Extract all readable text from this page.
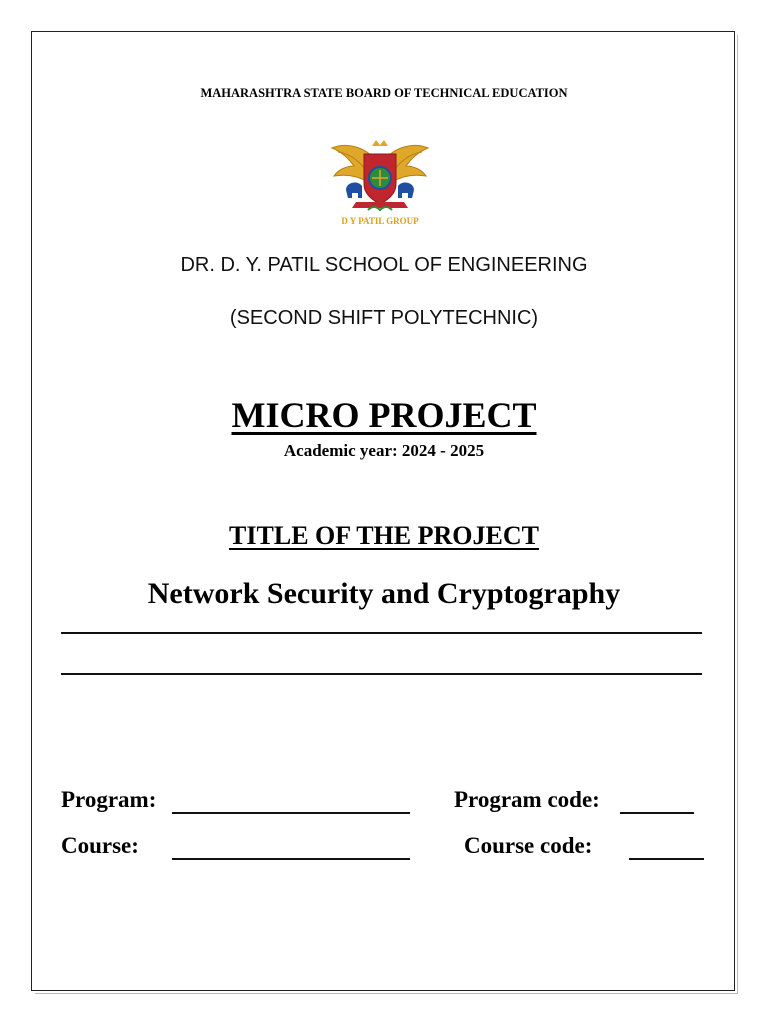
MAHARASHTRA STATE BOARD OF TECHNICAL EDUCATION
D Y PATIL GROUP
DR. D. Y. PATIL SCHOOL OF ENGINEERING
(SECOND SHIFT POLYTECHNIC)
MICRO PROJECT
Academic year: 2024 - 2025
TITLE OF THE PROJECT
Network Security and Cryptography
Program:	Program code:
Course:	Course code:
